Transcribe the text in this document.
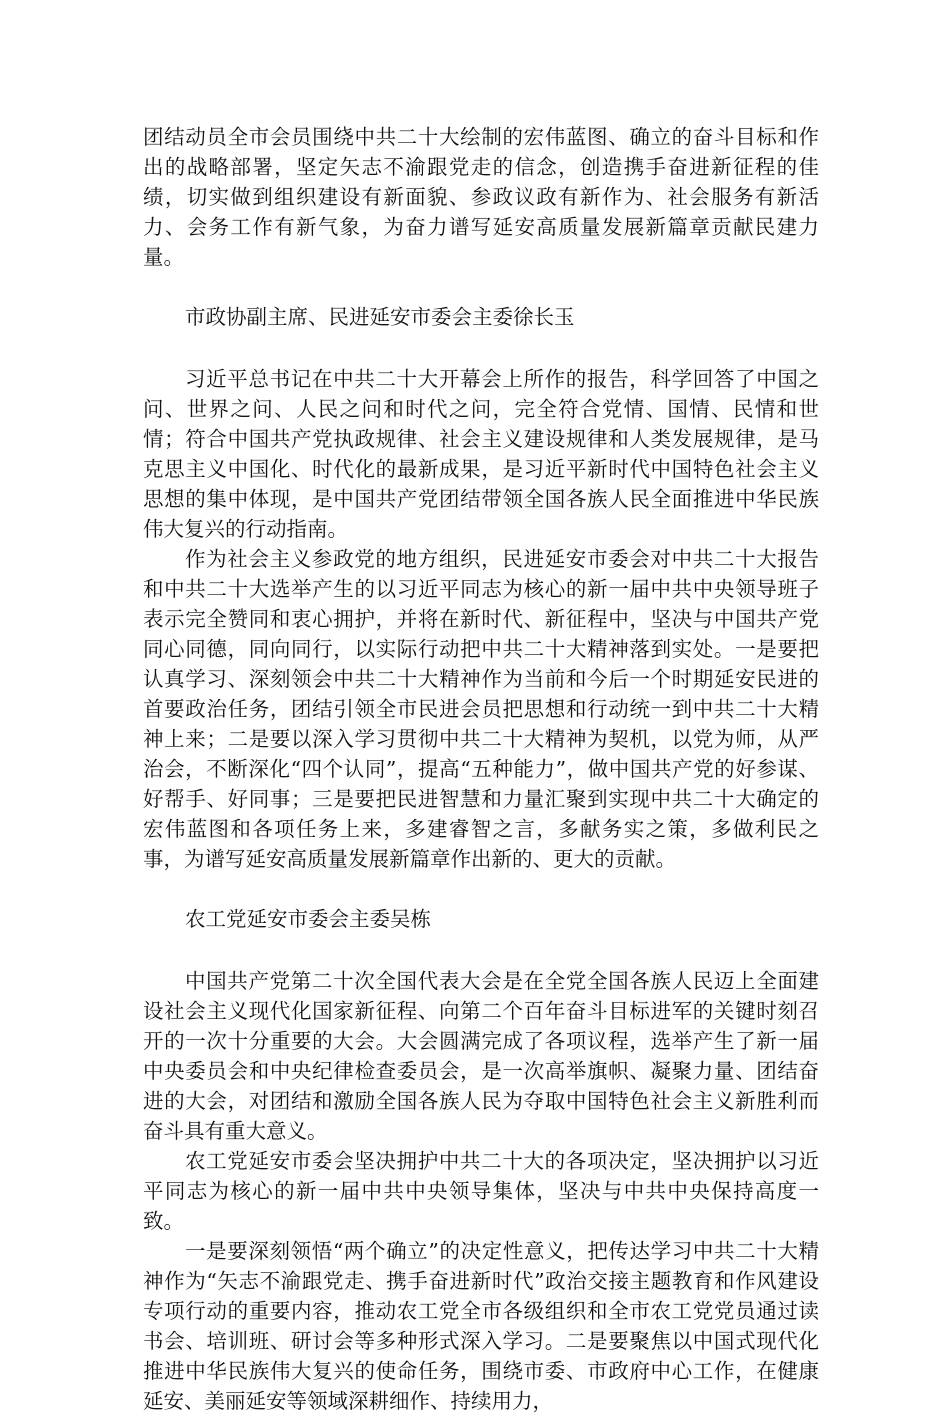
团结动员全市会员围绕中共二十大绘制的宏伟蓝图、确立的奋斗目标和作出的战略部署，坚定矢志不渝跟党走的信念，创造携手奋进新征程的佳绩，切实做到组织建设有新面貌、参政议政有新作为、社会服务有新活力、会务工作有新气象，为奋力谱写延安高质量发展新篇章贡献民建力量。

市政协副主席、民进延安市委会主委徐长玉

习近平总书记在中共二十大开幕会上所作的报告，科学回答了中国之问、世界之问、人民之问和时代之问，完全符合党情、国情、民情和世情；符合中国共产党执政规律、社会主义建设规律和人类发展规律，是马克思主义中国化、时代化的最新成果，是习近平新时代中国特色社会主义思想的集中体现，是中国共产党团结带领全国各族人民全面推进中华民族伟大复兴的行动指南。

作为社会主义参政党的地方组织，民进延安市委会对中共二十大报告和中共二十大选举产生的以习近平同志为核心的新一届中共中央领导班子表示完全赞同和衷心拥护，并将在新时代、新征程中，坚决与中国共产党同心同德，同向同行，以实际行动把中共二十大精神落到实处。一是要把认真学习、深刻领会中共二十大精神作为当前和今后一个时期延安民进的首要政治任务，团结引领全市民进会员把思想和行动统一到中共二十大精神上来；二是要以深入学习贯彻中共二十大精神为契机，以党为师，从严治会，不断深化“四个认同”，提高“五种能力”，做中国共产党的好参谋、好帮手、好同事；三是要把民进智慧和力量汇聚到实现中共二十大确定的宏伟蓝图和各项任务上来，多建睿智之言，多献务实之策，多做利民之事，为谱写延安高质量发展新篇章作出新的、更大的贡献。

农工党延安市委会主委吴栋

中国共产党第二十次全国代表大会是在全党全国各族人民迈上全面建设社会主义现代化国家新征程、向第二个百年奋斗目标进军的关键时刻召开的一次十分重要的大会。大会圆满完成了各项议程，选举产生了新一届中央委员会和中央纪律检查委员会，是一次高举旗帜、凝聚力量、团结奋进的大会，对团结和激励全国各族人民为夺取中国特色社会主义新胜利而奋斗具有重大意义。

农工党延安市委会坚决拥护中共二十大的各项决定，坚决拥护以习近平同志为核心的新一届中共中央领导集体，坚决与中共中央保持高度一致。

一是要深刻领悟“两个确立”的决定性意义，把传达学习中共二十大精神作为“矢志不渝跟党走、携手奋进新时代”政治交接主题教育和作风建设专项行动的重要内容，推动农工党全市各级组织和全市农工党党员通过读书会、培训班、研讨会等多种形式深入学习。二是要聚焦以中国式现代化推进中华民族伟大复兴的使命任务，围绕市委、市政府中心工作，在健康延安、美丽延安等领域深耕细作、持续用力，
